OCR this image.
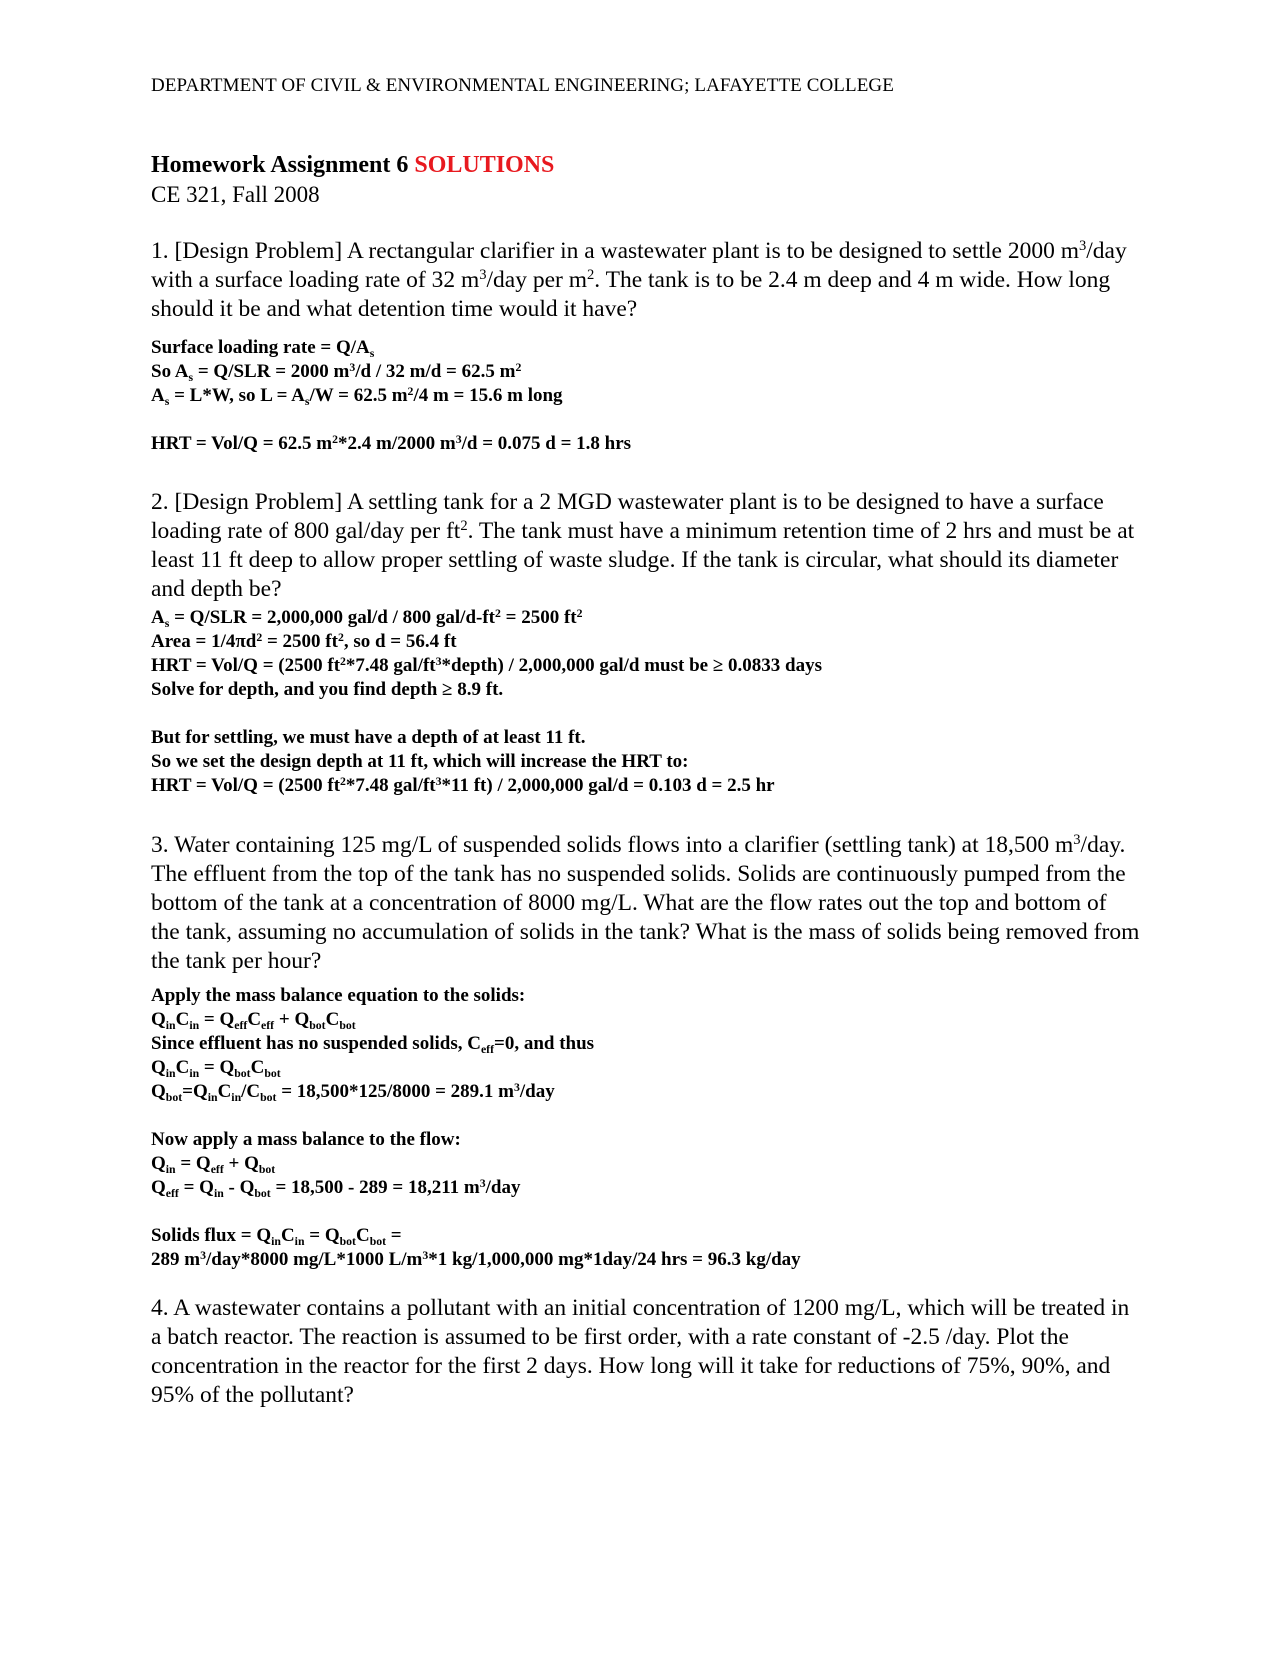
DEPARTMENT OF CIVIL & ENVIRONMENTAL ENGINEERING; LAFAYETTE COLLEGE
Homework Assignment 6 SOLUTIONS
CE 321, Fall 2008
1. [Design Problem] A rectangular clarifier in a wastewater plant is to be designed to settle 2000 $m^3$/day with a surface loading rate of 32 $m^3$/day per $m^2$. The tank is to be 2.4 m deep and 4 m wide. How long should it be and what detention time would it have?

Surface loading rate = $Q/A_s$

So $A_s = Q/SLR = 2000$ $m^3/d / 32$ m/d = 62.5 $m^2$

$A_s = L*W$, so $L = A_s/W = 62.5$ $m^2/4$ m = 15.6 m long

HRT = Vol/Q = 62.5 $m^2*2.4$ m/2000 $m^3/d = 0.075$ d = 1.8 hrs

2. [Design Problem] A settling tank for a 2 MGD wastewater plant is to be designed to have a surface loading rate of 800 gal/day per $ft^2$. The tank must have a minimum retention time of 2 hrs and must be at least 11 ft deep to allow proper settling of waste sludge. If the tank is circular, what should its diameter and depth be?

$A_s = Q/SLR = 2,000,000$ gal/d / 800 gal/$d-ft^2 = 2500$ $ft^2$

Area = $1/4\pi d^2 = 2500$ $ft^2$, so d = 56.4 ft

HRT = Vol/Q = (2500 $ft^2*7.48$ gal/$ft^3*depth) / 2,000,000$ gal/d must be ≥ 0.0833 days

Solve for depth, and you find depth ≥ 8.9 ft.

But for settling, we must have a depth of at least 11 ft.

So we set the design depth at 11 ft, which will increase the HRT to:

HRT = Vol/Q = (2500 $ft^2*7.48$ gal/$ft^3*11$ ft) / 2,000,000 gal/d = 0.103 d = 2.5 hr

3. Water containing 125 mg/L of suspended solids flows into a clarifier (settling tank) at 18,500 $m^3$/day. The effluent from the top of the tank has no suspended solids. Solids are continuously pumped from the bottom of the tank at a concentration of 8000 mg/L. What are the flow rates out the top and bottom of the tank, assuming no accumulation of solids in the tank? What is the mass of solids being removed from the tank per hour?

Apply the mass balance equation to the solids:

$Q_{in}C_{in} = Q_{eff}C_{eff} + Q_{bot}C_{bot}$

Since effluent has no suspended solids, $C_{eff}=0$, and thus

$Q_{in}C_{in} = Q_{bot}C_{bot}$

$Q_{bot}=Q_{in}C_{in}/C_{bot} = 18,500*125/8000 = 289.1$ $m^3$/day

Now apply a mass balance to the flow:

$Q_{in} = Q_{eff} + Q_{bot}$

$Q_{eff} = Q_{in} - Q_{bot} = 18,500 - 289 = 18,211$ $m^3$/day

Solids flux = $Q_{in}C_{in} = Q_{bot}C_{bot}$ =

289 $m^3/day*8000$ mg/L*1000 $L/m^3*1$ kg/1,000,000 mg*1day/24 hrs = 96.3 kg/day

4. A wastewater contains a pollutant with an initial concentration of 1200 mg/L, which will be treated in a batch reactor. The reaction is assumed to be first order, with a rate constant of -2.5 /day. Plot the concentration in the reactor for the first 2 days. How long will it take for reductions of 75%, 90%, and 95% of the pollutant?
